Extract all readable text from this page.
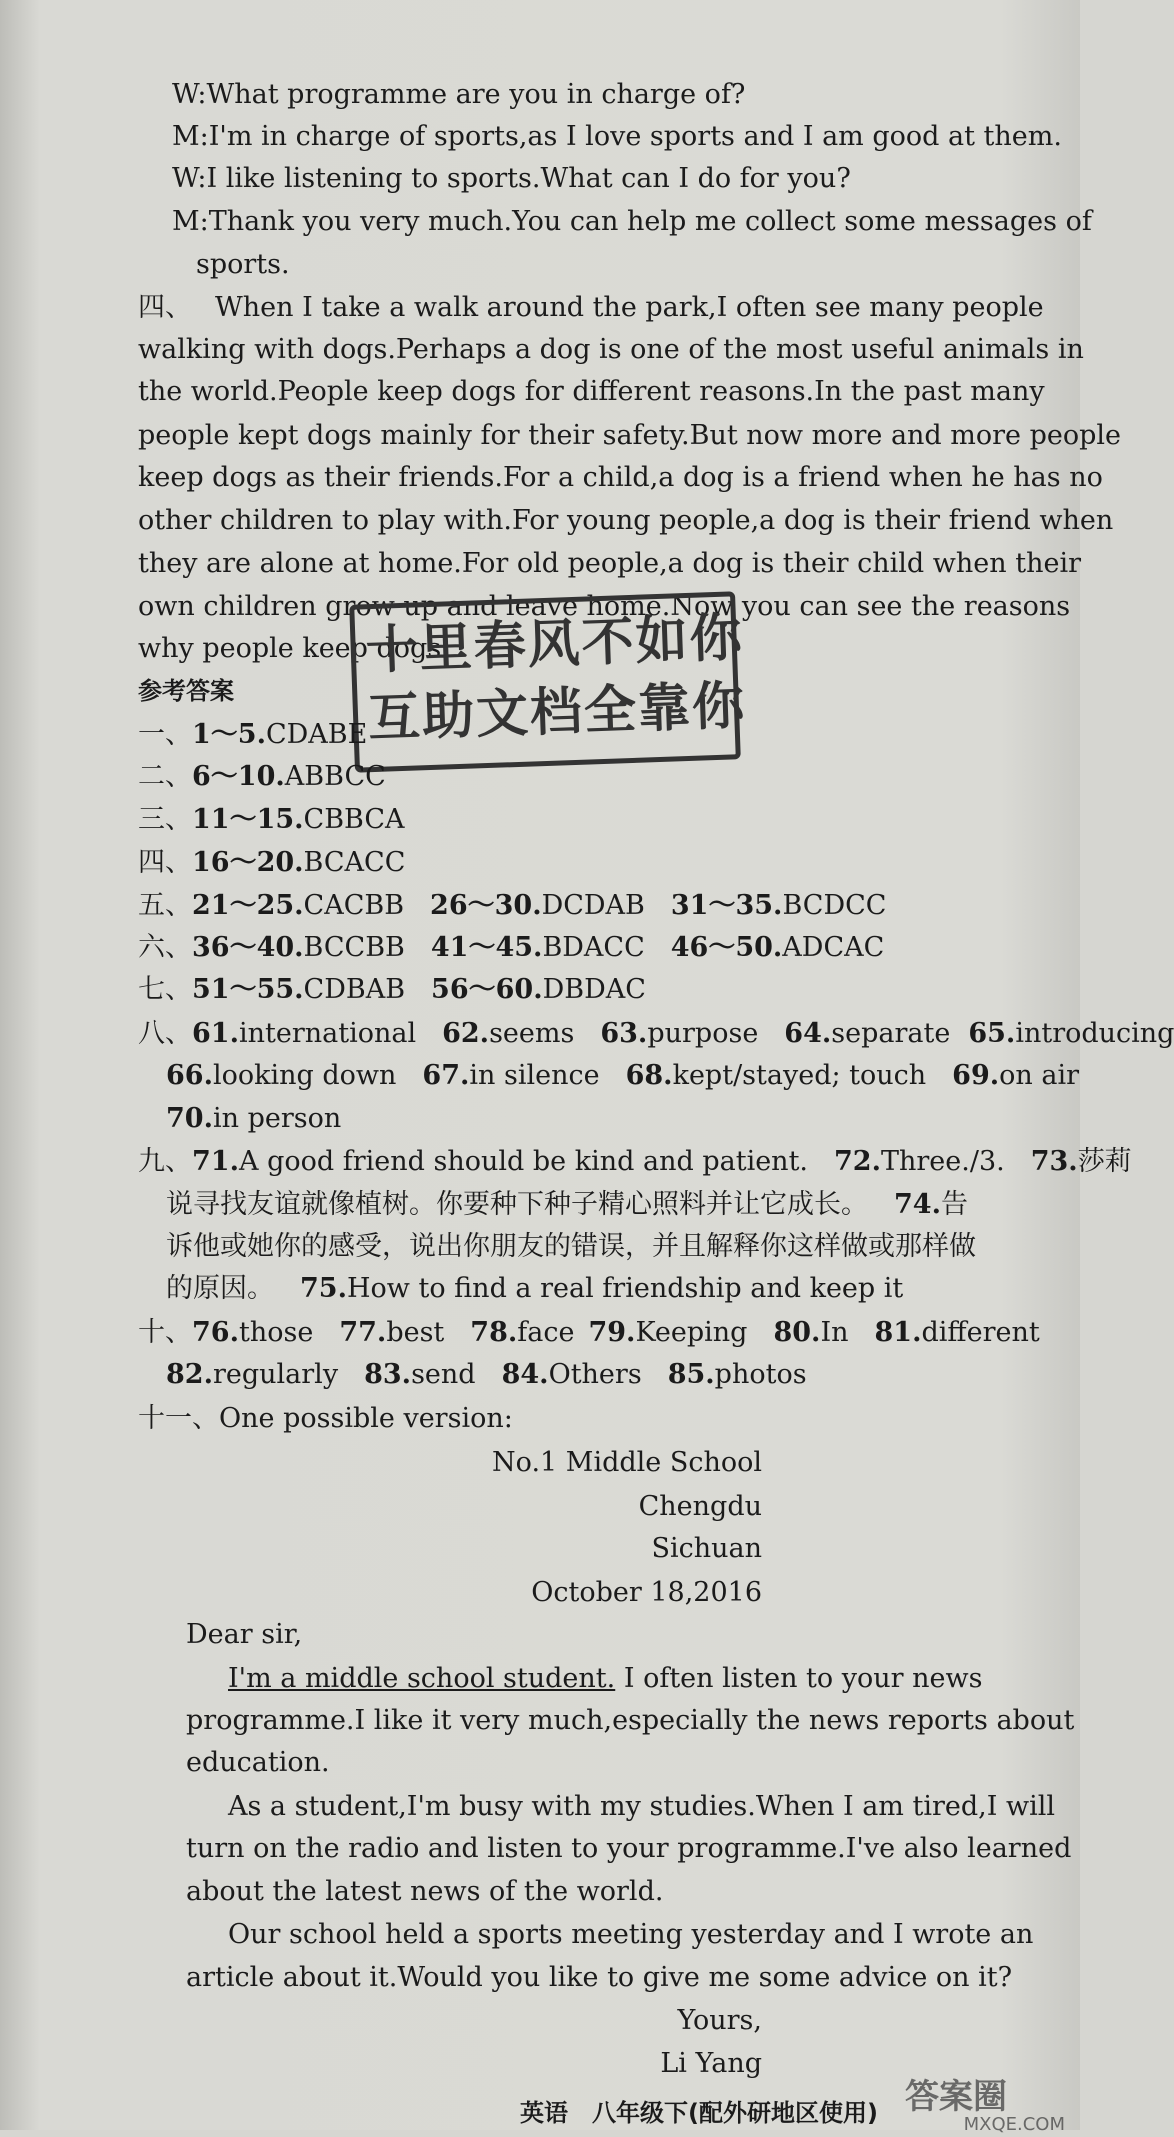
W:What programme are you in charge of?
M:I'm in charge of sports,as I love sports and I am good at them.
W:I like listening to sports.What can I do for you?
M:Thank you very much.You can help me collect some messages of
sports.
四、 When I take a walk around the park,I often see many people
walking with dogs.Perhaps a dog is one of the most useful animals in
the world.People keep dogs for different reasons.In the past many
people kept dogs mainly for their safety.But now more and more people
keep dogs as their friends.For a child,a dog is a friend when he has no
other children to play with.For young people,a dog is their friend when
they are alone at home.For old people,a dog is their child when their
own children grow up and leave home.Now you can see the reasons
why people keep dogs.
十里春风不如你
互助文档全靠你
参考答案
一、1～5.CDABE
二、6～10.ABBCC
三、11～15.CBBCA
四、16～20.BCACC
五、21～25.CACBB 26～30.DCDAB 31～35.BCDCC
六、36～40.BCCBB 41～45.BDACC 46～50.ADCAC
七、51～55.CDBAB 56～60.DBDAC
八、61.international 62.seems 63.purpose 64.separate 65.introducing
66.looking down 67.in silence 68.kept/stayed; touch 69.on air
70.in person
九、71.A good friend should be kind and patient. 72.Three./3. 73.莎莉
说寻找友谊就像植树。你要种下种子精心照料并让它成长。 74.告
诉他或她你的感受，说出你朋友的错误，并且解释你这样做或那样做
的原因。 75.How to find a real friendship and keep it
十、76.those 77.best 78.face 79.Keeping 80.In 81.different
82.regularly 83.send 84.Others 85.photos
十一、One possible version:
No.1 Middle School
Chengdu
Sichuan
October 18,2016
Dear sir,
I'm a middle school student. I often listen to your news
programme.I like it very much,especially the news reports about
education.
As a student,I'm busy with my studies.When I am tired,I will
turn on the radio and listen to your programme.I've also learned
about the latest news of the world.
Our school held a sports meeting yesterday and I wrote an
article about it.Would you like to give me some advice on it?
Yours,
Li Yang
英语　八年级下(配外研地区使用) 答案圈
MXQE.COM
